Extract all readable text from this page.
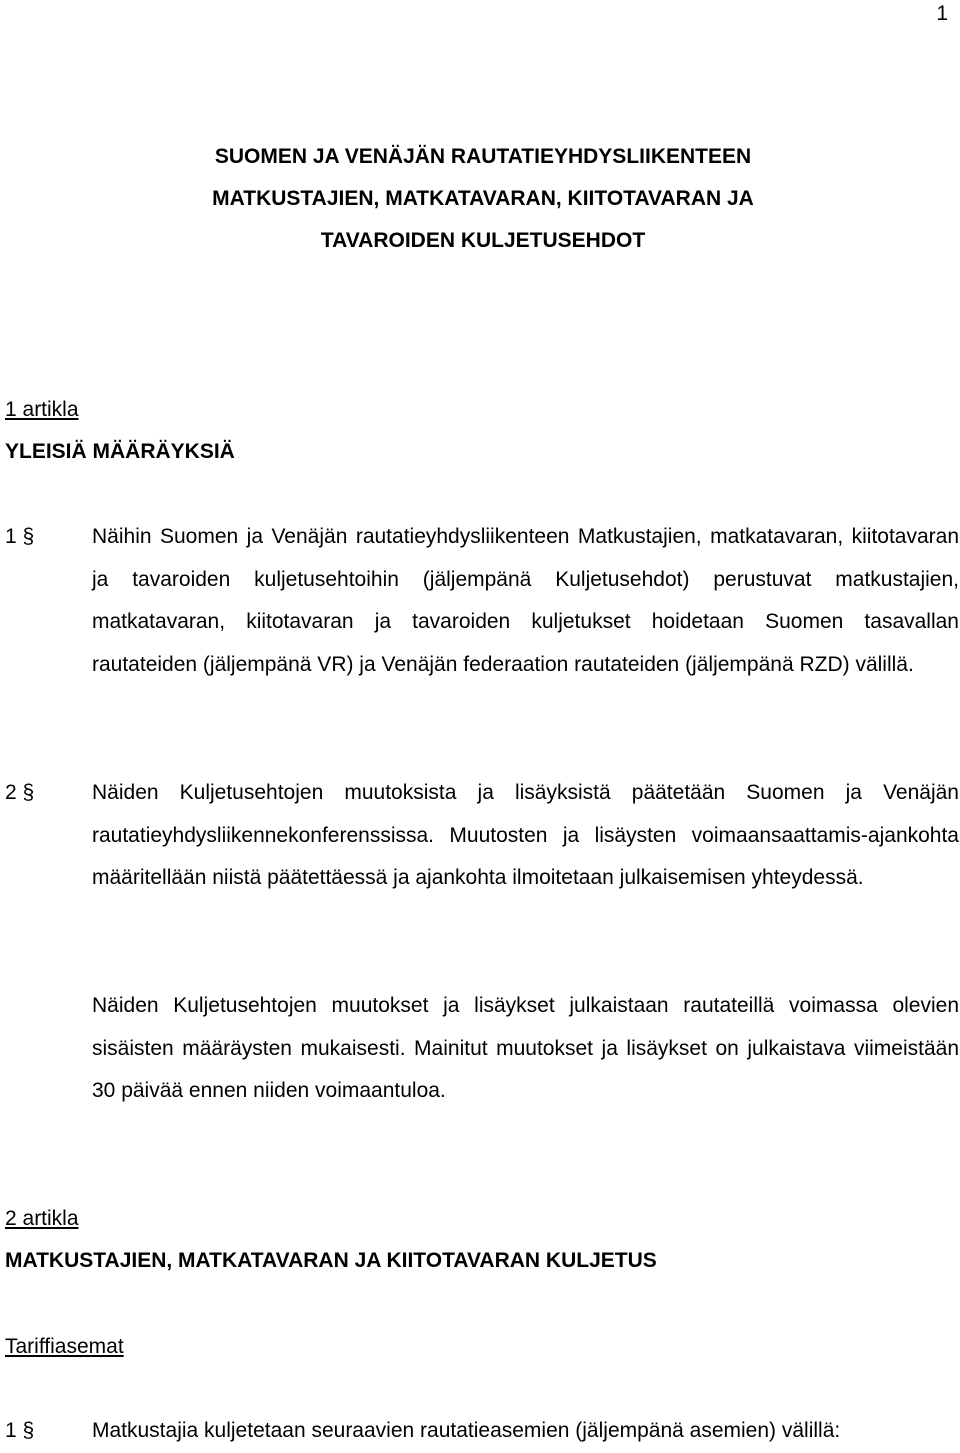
1
SUOMEN JA VENÄJÄN RAUTATIEYHDYSLIIKENTEEN
MATKUSTAJIEN, MATKATAVARAN, KIITOTAVARAN JA
TAVAROIDEN KULJETUSEHDOT
1 artikla
YLEISIÄ MÄÄRÄYKSIÄ
1 §	Näihin Suomen ja Venäjän rautatieyhdysliikenteen Matkustajien, matkatavaran, kiitotavaran ja tavaroiden kuljetusehtoihin (jäljempänä Kuljetusehdot) perustuvat matkustajien, matkatavaran, kiitotavaran ja tavaroiden kuljetukset hoidetaan Suomen tasavallan rautateiden (jäljempänä VR) ja Venäjän federaation rautateiden (jäljempänä RZD) välillä.
2 §	Näiden Kuljetusehtojen muutoksista ja lisäyksistä päätetään Suomen ja Venäjän rautatieyhdysliikennekonferenssissa. Muutosten ja lisäysten voimaansaattamis-ajankohta määritellään niistä päätettäessä ja ajankohta ilmoitetaan julkaisemisen yhteydessä.
Näiden Kuljetusehtojen muutokset ja lisäykset julkaistaan rautateillä voimassa olevien sisäisten määräysten mukaisesti. Mainitut muutokset ja lisäykset on julkaistava viimeistään 30 päivää ennen niiden voimaantuloa.
2 artikla
MATKUSTAJIEN, MATKATAVARAN JA KIITOTAVARAN KULJETUS
Tariffiasemat
1 §	Matkustajia kuljetetaan seuraavien rautatieasemien (jäljempänä asemien) välillä:
